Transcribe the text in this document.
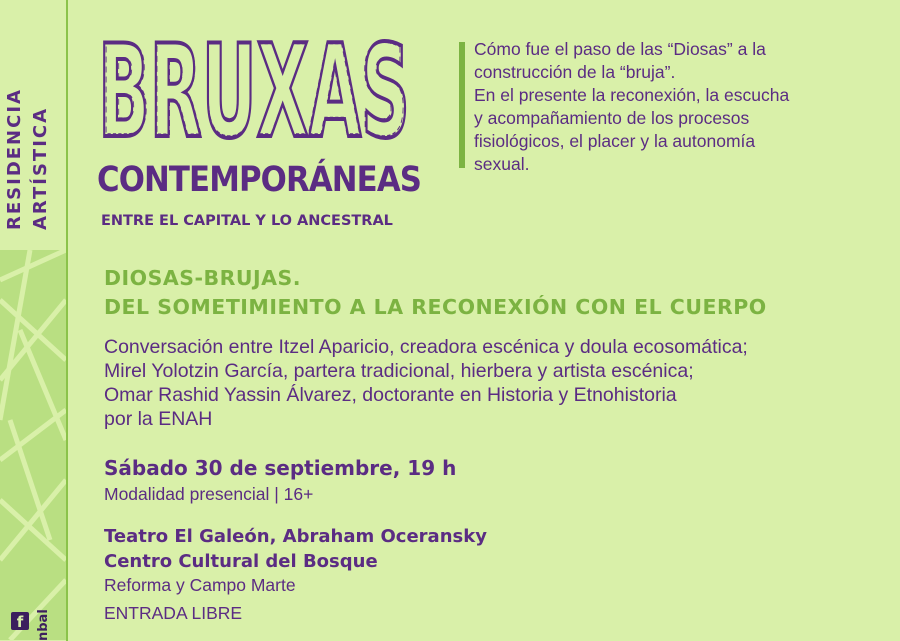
RESIDENCIA ARTÍSTICA
f nbal
BRUXAS
BRUXAS
CONTEMPORÁNEAS
ENTRE EL CAPITAL Y LO ANCESTRAL
Cómo fue el paso de las “Diosas” a la
construcción de la “bruja”.
En el presente la reconexión, la escucha
y acompañamiento de los procesos
fisiológicos, el placer y la autonomía
sexual.
DIOSAS-BRUJAS.
DEL SOMETIMIENTO A LA RECONEXIÓN CON EL CUERPO
Conversación entre Itzel Aparicio, creadora escénica y doula ecosomática;
Mirel Yolotzin García, partera tradicional, hierbera y artista escénica;
Omar Rashid Yassin Álvarez, doctorante en Historia y Etnohistoria
por la ENAH
Sábado 30 de septiembre, 19 h
Modalidad presencial | 16+
Teatro El Galeón, Abraham Oceransky
Centro Cultural del Bosque
Reforma y Campo Marte
ENTRADA LIBRE
